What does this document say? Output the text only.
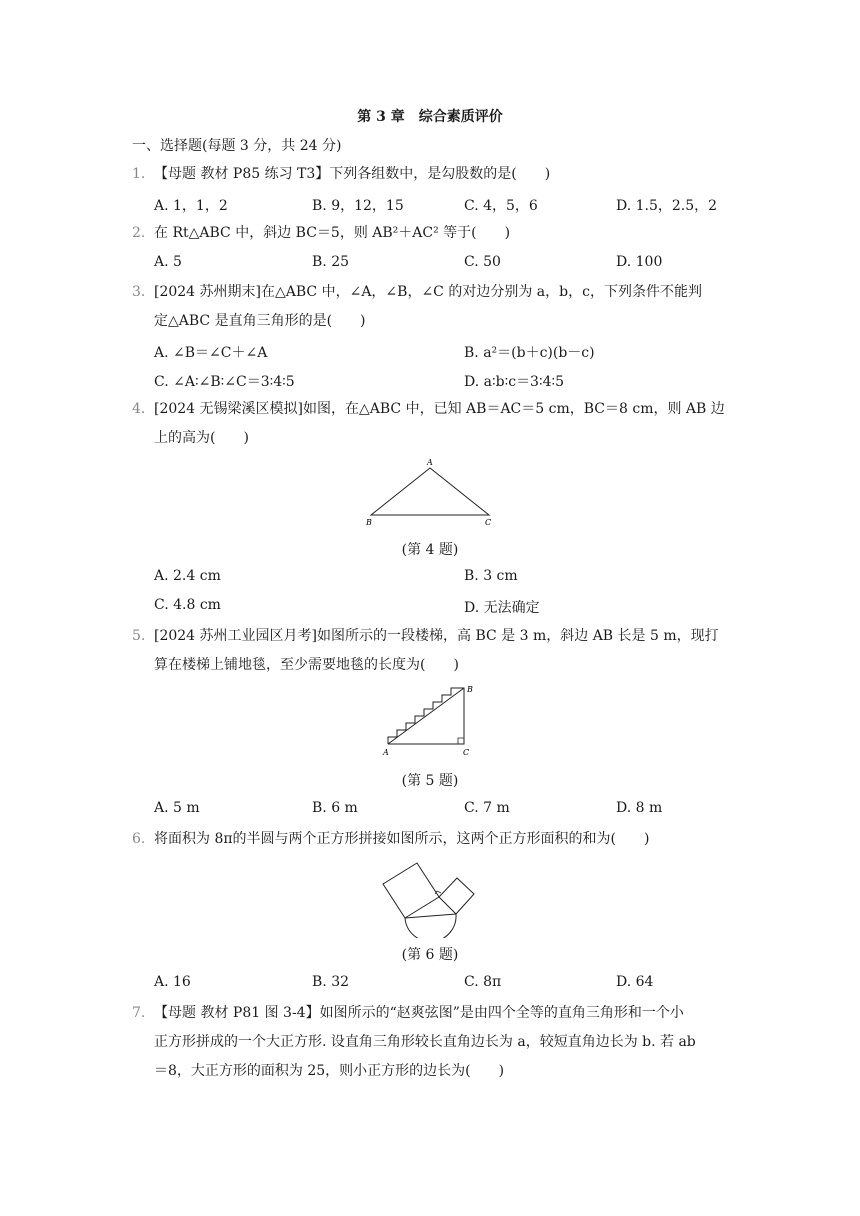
第 3 章　综合素质评价
一、选择题(每题 3 分，共 24 分)
1. 【母题 教材 P85 练习 T3】下列各组数中，是勾股数的是(　　)
A. 1，1，2	B. 9，12，15	C. 4，5，6	D. 1.5，2.5，2
2. 在 Rt△ABC 中，斜边 BC＝5，则 AB²＋AC² 等于(　　)
A. 5	B. 25	C. 50	D. 100
3. [2024 苏州期末]在△ABC 中，∠A，∠B，∠C 的对边分别为 a，b，c，下列条件不能判
定△ABC 是直角三角形的是(　　)
A. ∠B＝∠C＋∠A	B. a²＝(b＋c)(b－c)
C. ∠A∶∠B∶∠C＝3∶4∶5	D. a∶b∶c＝3∶4∶5
4. [2024 无锡梁溪区模拟]如图，在△ABC 中，已知 AB＝AC＝5 cm，BC＝8 cm，则 AB 边
上的高为(　　)
A
B	C
(第 4 题)
A. 2.4 cm	B. 3 cm
C. 4.8 cm	D. 无法确定
5. [2024 苏州工业园区月考]如图所示的一段楼梯，高 BC 是 3 m，斜边 AB 长是 5 m，现打
算在楼梯上铺地毯，至少需要地毯的长度为(　　)
A
B
C
(第 5 题)
A. 5 m	B. 6 m	C. 7 m	D. 8 m
6. 将面积为 8π的半圆与两个正方形拼接如图所示，这两个正方形面积的和为(　　)
(第 6 题)
A. 16	B. 32	C. 8π	D. 64
7. 【母题 教材 P81 图 3-4】如图所示的“赵爽弦图”是由四个全等的直角三角形和一个小
正方形拼成的一个大正方形. 设直角三角形较长直角边长为 a，较短直角边长为 b. 若 ab
＝8，大正方形的面积为 25，则小正方形的边长为(　　)
